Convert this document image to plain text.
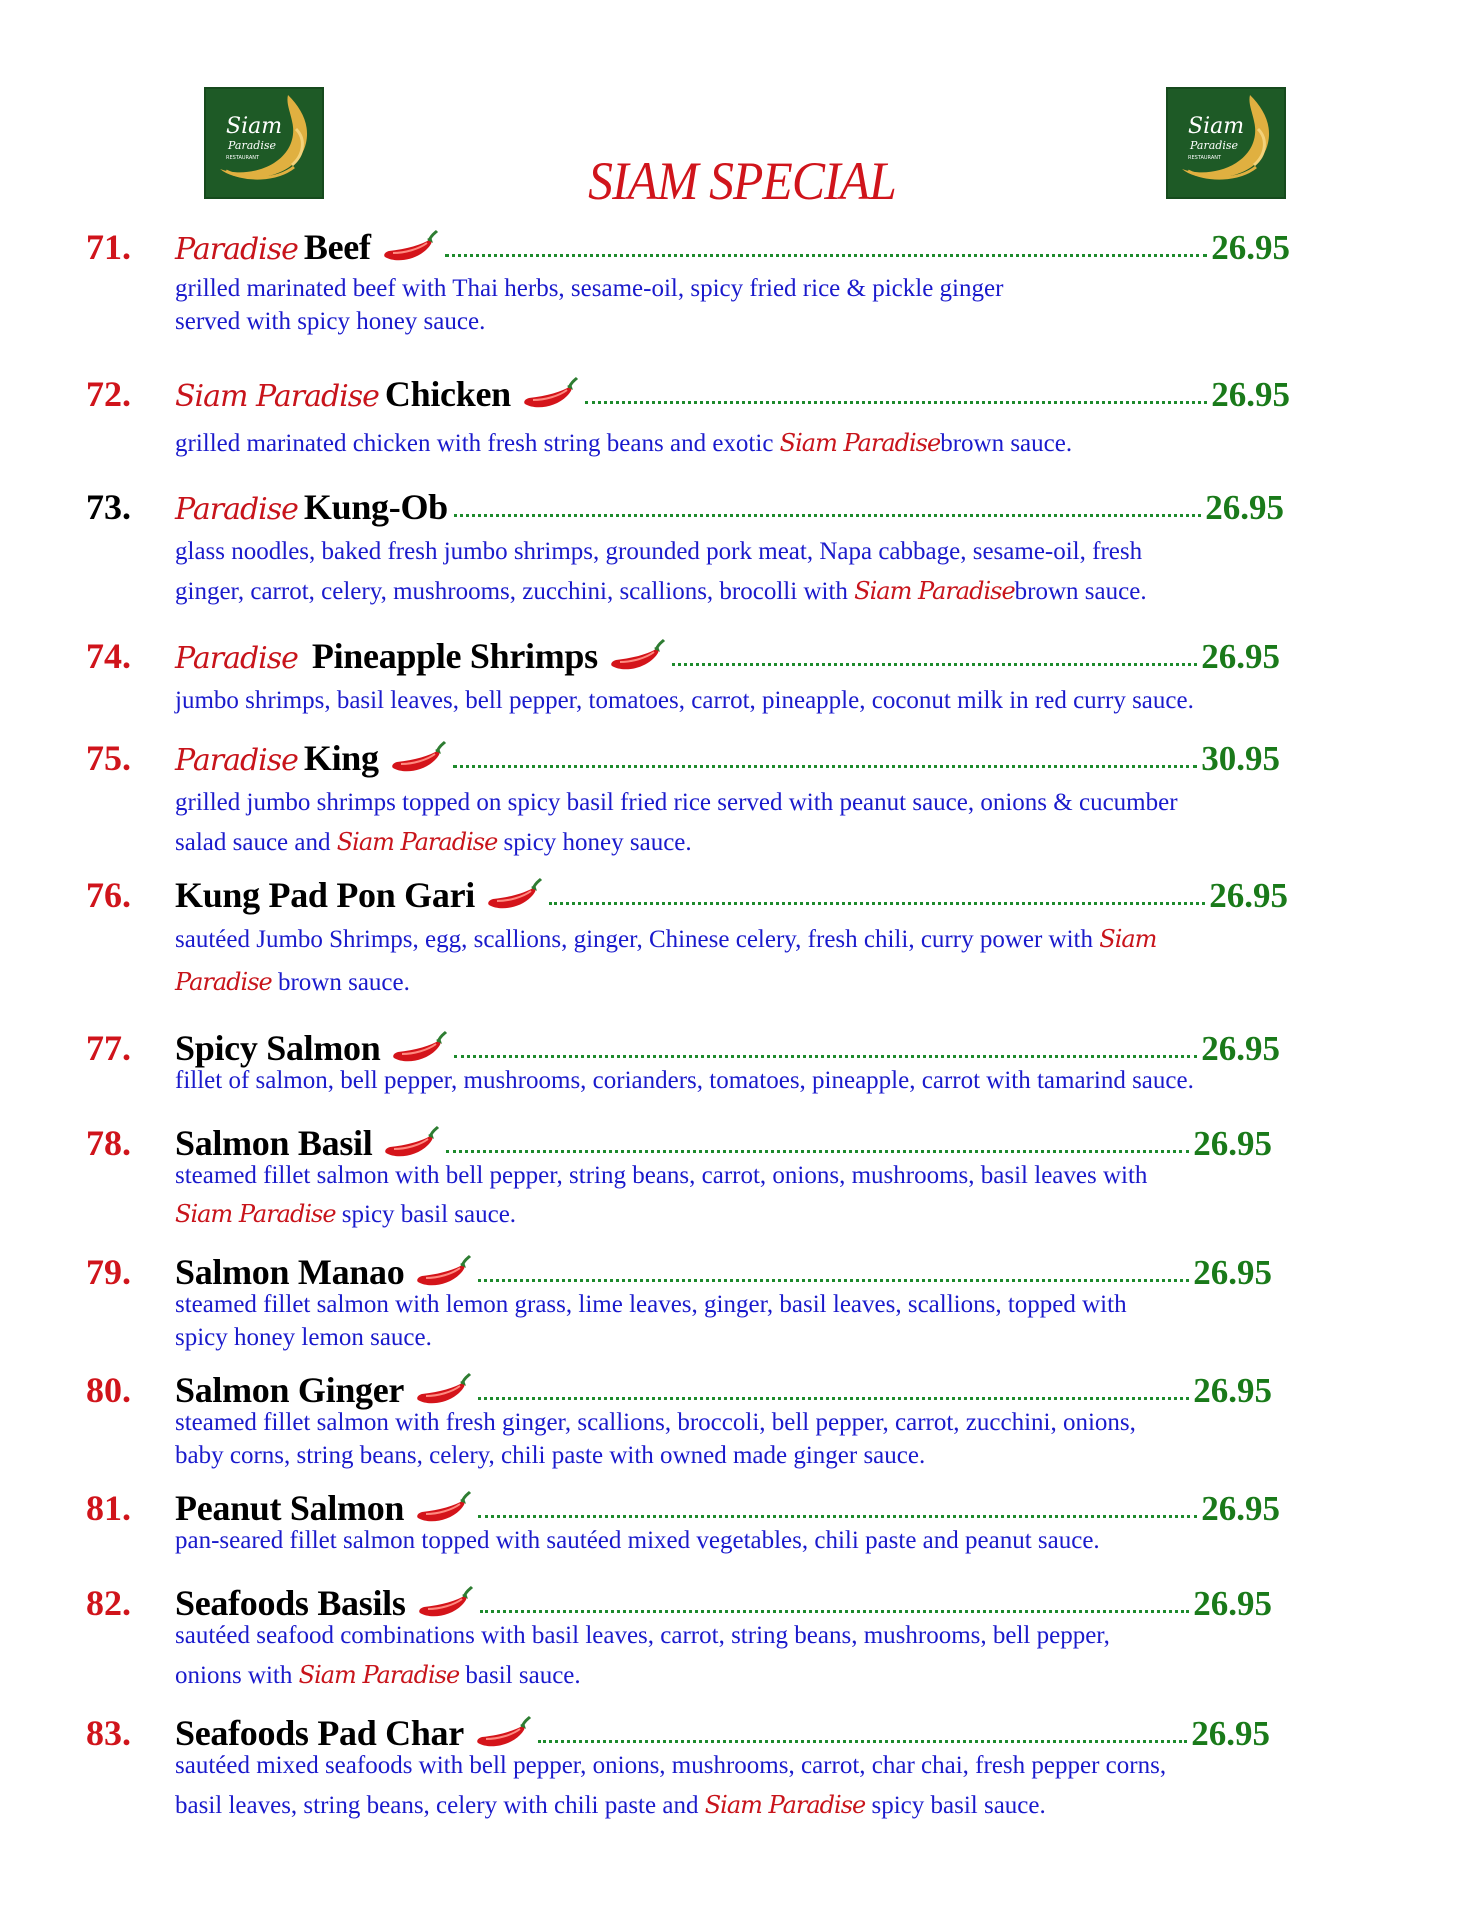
Siam
Paradise
RESTAURANT
Siam
Paradise
RESTAURANT
SIAM SPECIAL
71. Paradise Beef	26.95
grilled marinated beef with Thai herbs, sesame-oil, spicy fried rice & pickle ginger
served with spicy honey sauce.
72. Siam Paradise Chicken	26.95
grilled marinated chicken with fresh string beans and exotic Siam Paradisebrown sauce.
73. Paradise Kung-Ob	26.95
glass noodles, baked fresh jumbo shrimps, grounded pork meat, Napa cabbage, sesame-oil, fresh
ginger, carrot, celery, mushrooms, zucchini, scallions, brocolli with Siam Paradisebrown sauce.
74. Paradise Pineapple Shrimps	26.95
jumbo shrimps, basil leaves, bell pepper, tomatoes, carrot, pineapple, coconut milk in red curry sauce.
75. Paradise King	30.95
grilled jumbo shrimps topped on spicy basil fried rice served with peanut sauce, onions & cucumber
salad sauce and Siam Paradise spicy honey sauce.
76. Kung Pad Pon Gari	26.95
sautéed Jumbo Shrimps, egg, scallions, ginger, Chinese celery, fresh chili, curry power with Siam
Paradise brown sauce.
77. Spicy Salmon	26.95
fillet of salmon, bell pepper, mushrooms, corianders, tomatoes, pineapple, carrot with tamarind sauce.
78. Salmon Basil	26.95
steamed fillet salmon with bell pepper, string beans, carrot, onions, mushrooms, basil leaves with
Siam Paradise spicy basil sauce.
79. Salmon Manao	26.95
steamed fillet salmon with lemon grass, lime leaves, ginger, basil leaves, scallions, topped with
spicy honey lemon sauce.
80. Salmon Ginger	26.95
steamed fillet salmon with fresh ginger, scallions, broccoli, bell pepper, carrot, zucchini, onions,
baby corns, string beans, celery, chili paste with owned made ginger sauce.
81. Peanut Salmon	26.95
pan-seared fillet salmon topped with sautéed mixed vegetables, chili paste and peanut sauce.
82. Seafoods Basils	26.95
sautéed seafood combinations with basil leaves, carrot, string beans, mushrooms, bell pepper,
onions with Siam Paradise basil sauce.
83. Seafoods Pad Char	26.95
sautéed mixed seafoods with bell pepper, onions, mushrooms, carrot, char chai, fresh pepper corns,
basil leaves, string beans, celery with chili paste and Siam Paradise spicy basil sauce.
